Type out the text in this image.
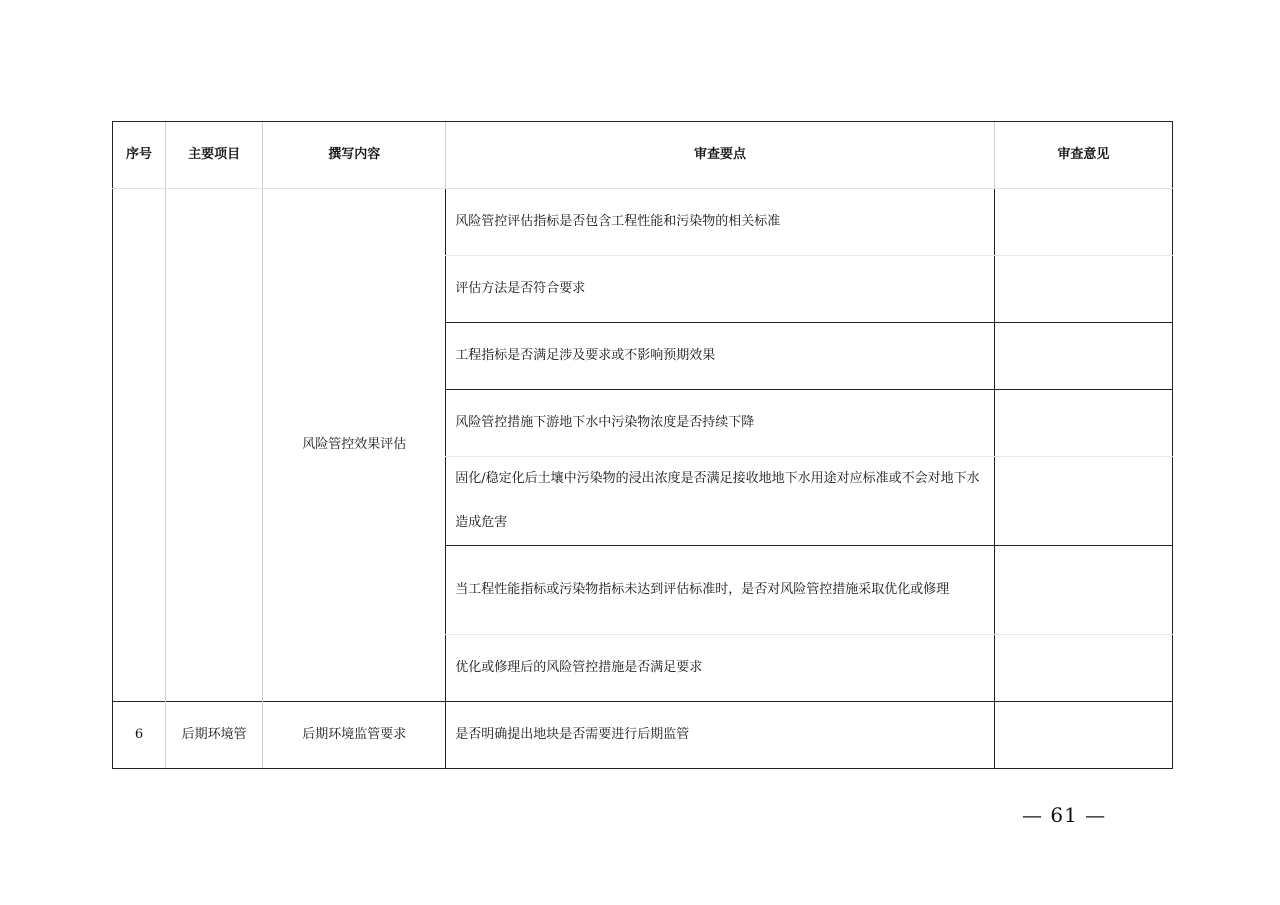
序号	主要项目	撰写内容	审查要点	审查意见
		风险管控效果评估	风险管控评估指标是否包含工程性能和污染物的相关标准	
			评估方法是否符合要求	
			工程指标是否满足涉及要求或不影响预期效果	
			风险管控措施下游地下水中污染物浓度是否持续下降	
			固化/稳定化后土壤中污染物的浸出浓度是否满足接收地地下水用途对应标准或不会对地下水造成危害	
			当工程性能指标或污染物指标未达到评估标准时，是否对风险管控措施采取优化或修理	
			优化或修理后的风险管控措施是否满足要求	
6	后期环境管	后期环境监管要求	是否明确提出地块是否需要进行后期监管	
— 61 —
